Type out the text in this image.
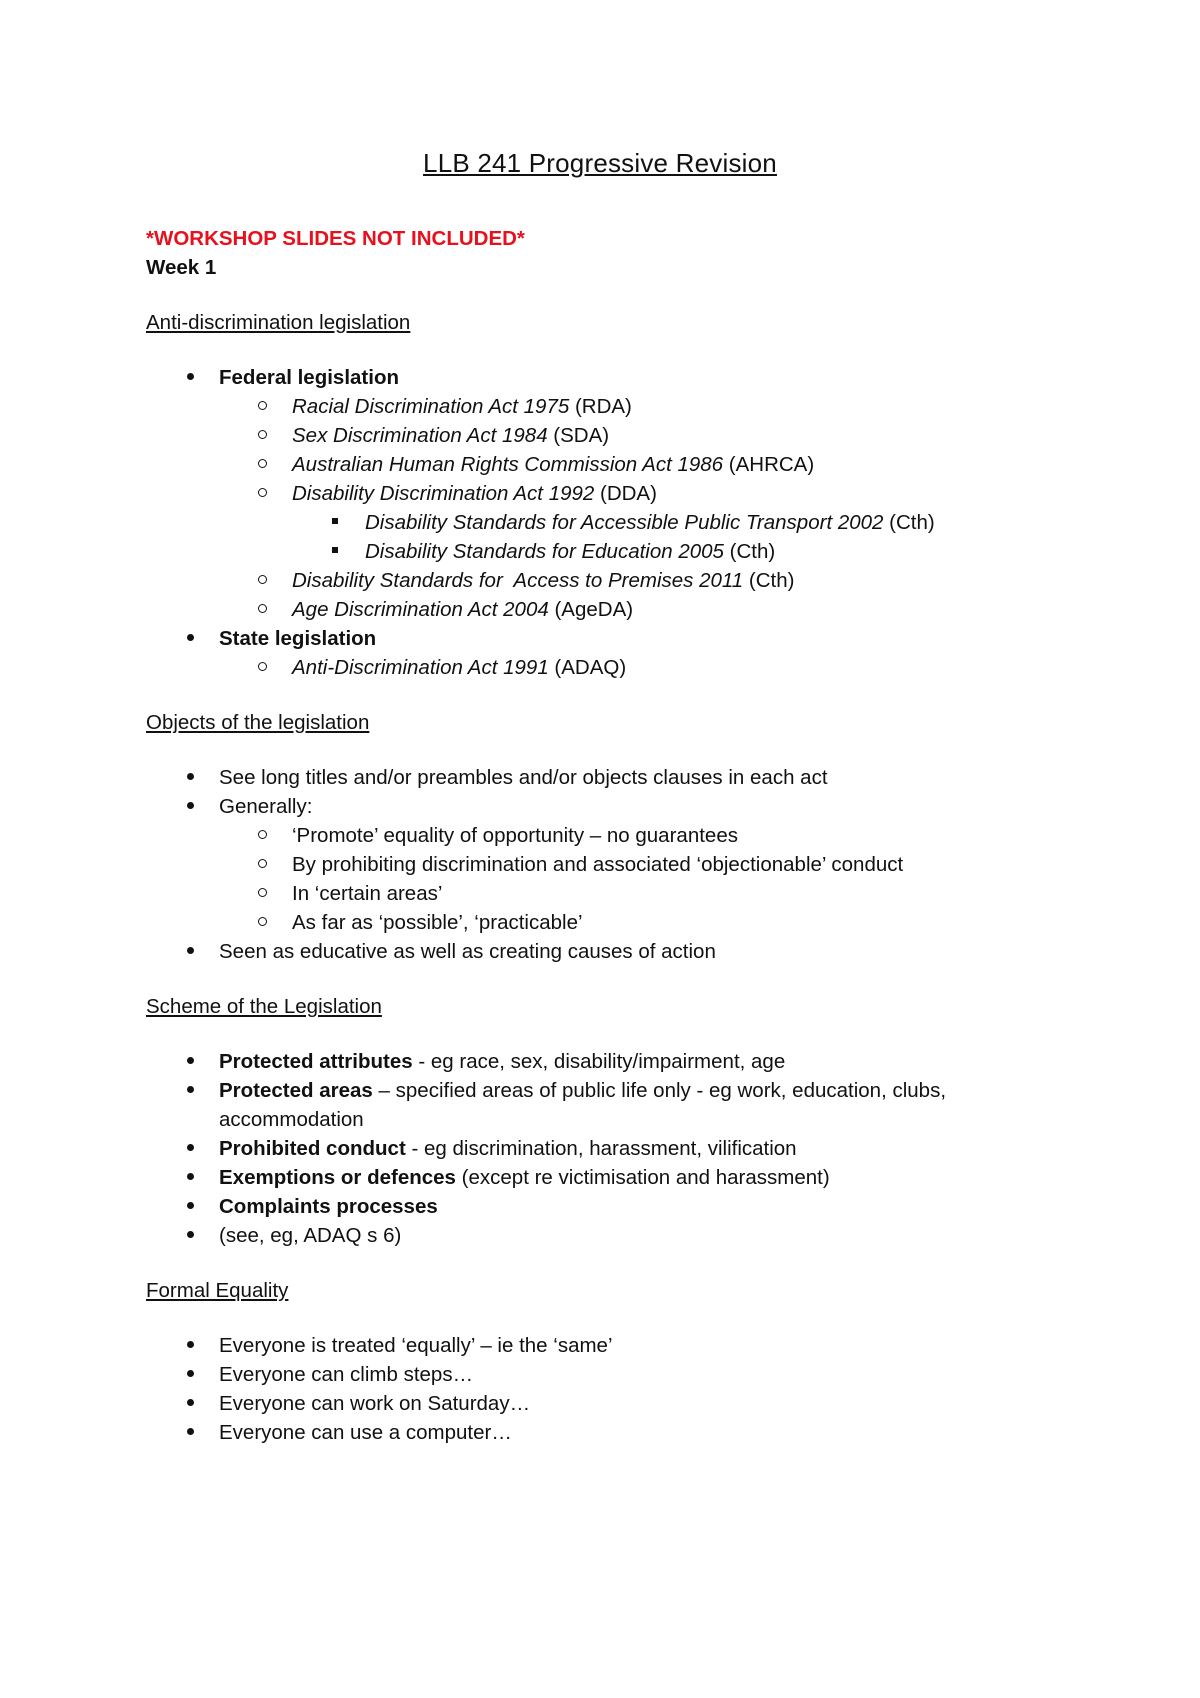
LLB 241 Progressive Revision

*WORKSHOP SLIDES NOT INCLUDED*

Week 1

Anti-discrimination legislation

Federal legislation

Racial Discrimination Act 1975 (RDA)

Sex Discrimination Act 1984 (SDA)

Australian Human Rights Commission Act 1986 (AHRCA)

Disability Discrimination Act 1992 (DDA)

Disability Standards for Accessible Public Transport 2002 (Cth)

Disability Standards for Education 2005 (Cth)

Disability Standards for  Access to Premises 2011 (Cth)

Age Discrimination Act 2004 (AgeDA)

State legislation

Anti-Discrimination Act 1991 (ADAQ)

Objects of the legislation

See long titles and/or preambles and/or objects clauses in each act

Generally:

‘Promote’ equality of opportunity – no guarantees

By prohibiting discrimination and associated ‘objectionable’ conduct

In ‘certain areas’

As far as ‘possible’, ‘practicable’

Seen as educative as well as creating causes of action

Scheme of the Legislation

Protected attributes - eg race, sex, disability/impairment, age

Protected areas – specified areas of public life only - eg work, education, clubs, accommodation

Prohibited conduct - eg discrimination, harassment, vilification

Exemptions or defences (except re victimisation and harassment)

Complaints processes

(see, eg, ADAQ s 6)

Formal Equality

Everyone is treated ‘equally’ – ie the ‘same’

Everyone can climb steps…

Everyone can work on Saturday…

Everyone can use a computer…
